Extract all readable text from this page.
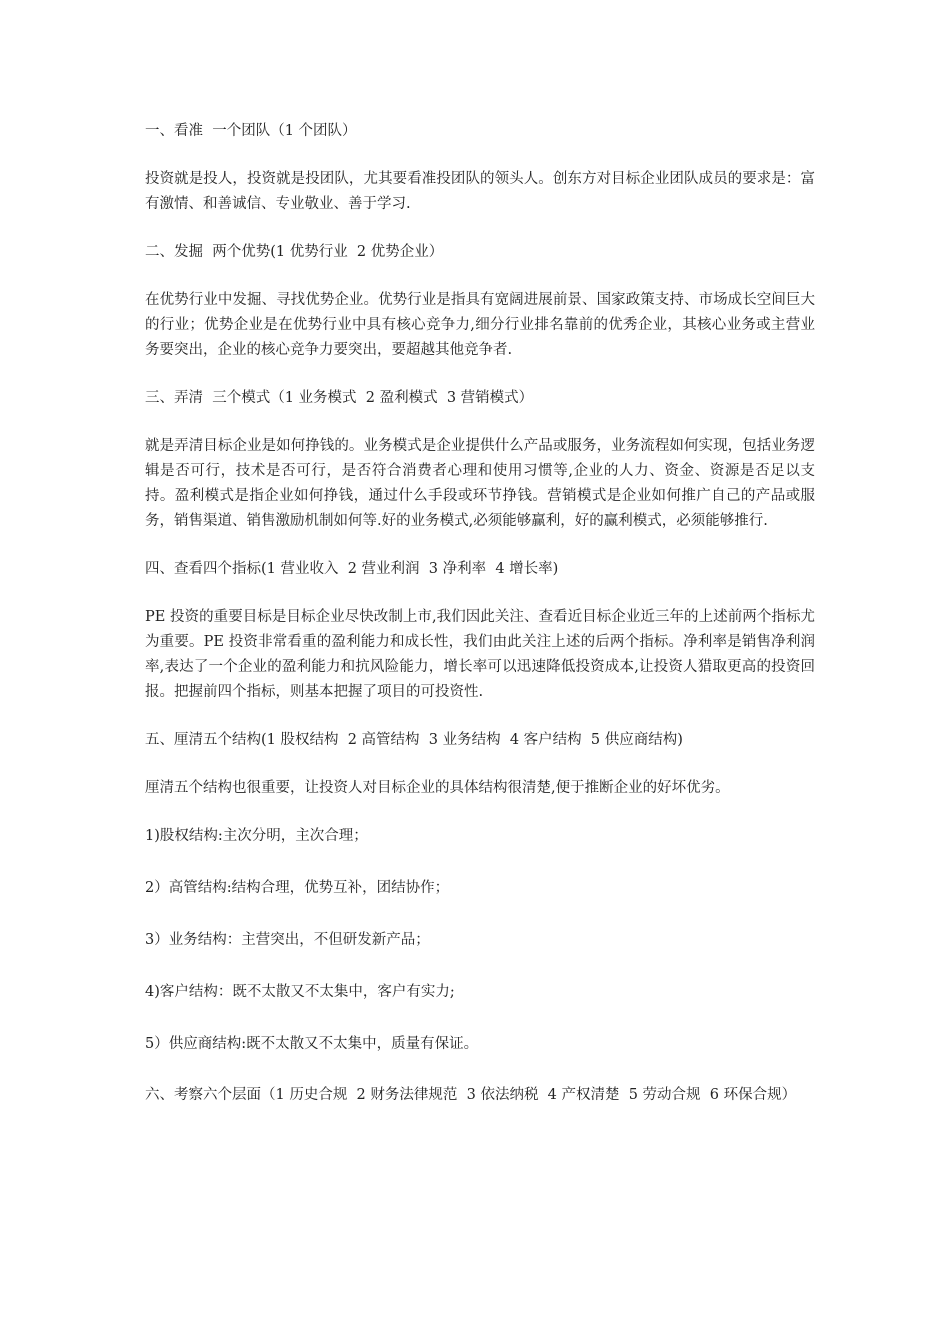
一、看准  一个团队（1 个团队）

投资就是投人，投资就是投团队，尤其要看准投团队的领头人。创东方对目标企业团队成员的要求是：富有激情、和善诚信、专业敬业、善于学习.

二、发掘  两个优势(1 优势行业  2 优势企业）

在优势行业中发掘、寻找优势企业。优势行业是指具有宽阔进展前景、国家政策支持、市场成长空间巨大的行业；优势企业是在优势行业中具有核心竞争力,细分行业排名靠前的优秀企业，其核心业务或主营业务要突出，企业的核心竞争力要突出，要超越其他竞争者.

三、弄清  三个模式（1 业务模式  2 盈利模式  3 营销模式）

就是弄清目标企业是如何挣钱的。业务模式是企业提供什么产品或服务，业务流程如何实现，包括业务逻辑是否可行，技术是否可行，是否符合消费者心理和使用习惯等,企业的人力、资金、资源是否足以支持。盈利模式是指企业如何挣钱，通过什么手段或环节挣钱。营销模式是企业如何推广自己的产品或服务，销售渠道、销售激励机制如何等.好的业务模式,必须能够赢利，好的赢利模式，必须能够推行.

四、查看四个指标(1 营业收入  2 营业利润  3 净利率  4 增长率)

PE 投资的重要目标是目标企业尽快改制上市,我们因此关注、查看近目标企业近三年的上述前两个指标尤为重要。PE 投资非常看重的盈利能力和成长性，我们由此关注上述的后两个指标。净利率是销售净利润率,表达了一个企业的盈利能力和抗风险能力，增长率可以迅速降低投资成本,让投资人猎取更高的投资回报。把握前四个指标，则基本把握了项目的可投资性.

五、厘清五个结构(1 股权结构  2 高管结构  3 业务结构  4 客户结构  5 供应商结构)

厘清五个结构也很重要，让投资人对目标企业的具体结构很清楚,便于推断企业的好坏优劣。

1)股权结构:主次分明，主次合理；

2）高管结构:结构合理，优势互补，团结协作；

3）业务结构：主营突出，不但研发新产品；

4)客户结构：既不太散又不太集中，客户有实力;

5）供应商结构:既不太散又不太集中，质量有保证。

六、考察六个层面（1 历史合规  2 财务法律规范  3 依法纳税  4 产权清楚  5 劳动合规  6 环保合规）
